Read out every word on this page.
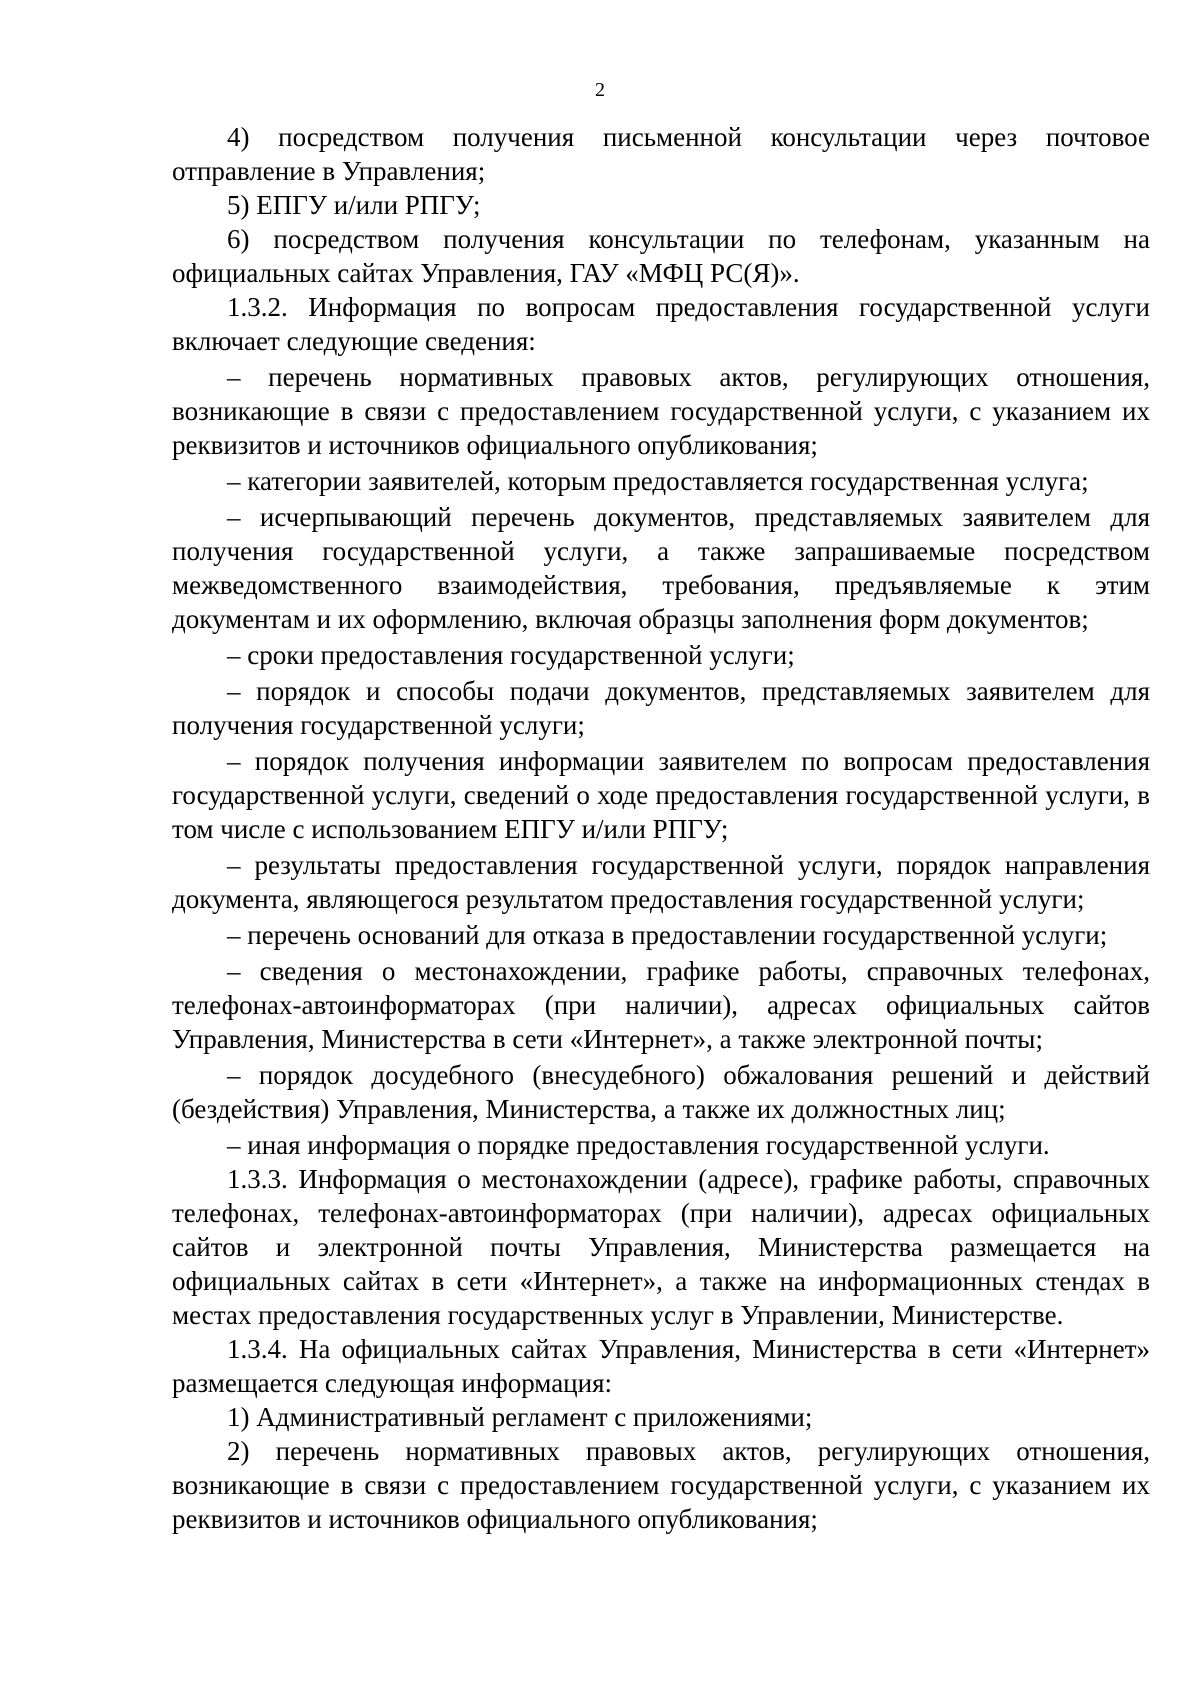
2

4) посредством получения письменной консультации через почтовое отправление в Управления;

5) ЕПГУ и/или РПГУ;

6) посредством получения консультации по телефонам, указанным на официальных сайтах Управления, ГАУ «МФЦ РС(Я)».

1.3.2. Информация по вопросам предоставления государственной услуги включает следующие сведения:

– перечень нормативных правовых актов, регулирующих отношения, возникающие в связи с предоставлением государственной услуги, с указанием их реквизитов и источников официального опубликования;

– категории заявителей, которым предоставляется государственная услуга;

– исчерпывающий перечень документов, представляемых заявителем для получения государственной услуги, а также запрашиваемые посредством межведомственного взаимодействия, требования, предъявляемые к этим документам и их оформлению, включая образцы заполнения форм документов;

– сроки предоставления государственной услуги;

– порядок и способы подачи документов, представляемых заявителем для получения государственной услуги;

– порядок получения информации заявителем по вопросам предоставления государственной услуги, сведений о ходе предоставления государственной услуги, в том числе с использованием ЕПГУ и/или РПГУ;

– результаты предоставления государственной услуги, порядок направления документа, являющегося результатом предоставления государственной услуги;

– перечень оснований для отказа в предоставлении государственной услуги;

– сведения о местонахождении, графике работы, справочных телефонах, телефонах-автоинформаторах (при наличии), адресах официальных сайтов Управления, Министерства в сети «Интернет», а также электронной почты;

– порядок досудебного (внесудебного) обжалования решений и действий (бездействия) Управления, Министерства, а также их должностных лиц;

– иная информация о порядке предоставления государственной услуги.

1.3.3. Информация о местонахождении (адресе), графике работы, справочных телефонах, телефонах-автоинформаторах (при наличии), адресах официальных сайтов и электронной почты Управления, Министерства размещается на официальных сайтах в сети «Интернет», а также на информационных стендах в местах предоставления государственных услуг в Управлении, Министерстве.

1.3.4. На официальных сайтах Управления, Министерства в сети «Интернет» размещается следующая информация:

1) Административный регламент с приложениями;

2) перечень нормативных правовых актов, регулирующих отношения, возникающие в связи с предоставлением государственной услуги, с указанием их реквизитов и источников официального опубликования;
